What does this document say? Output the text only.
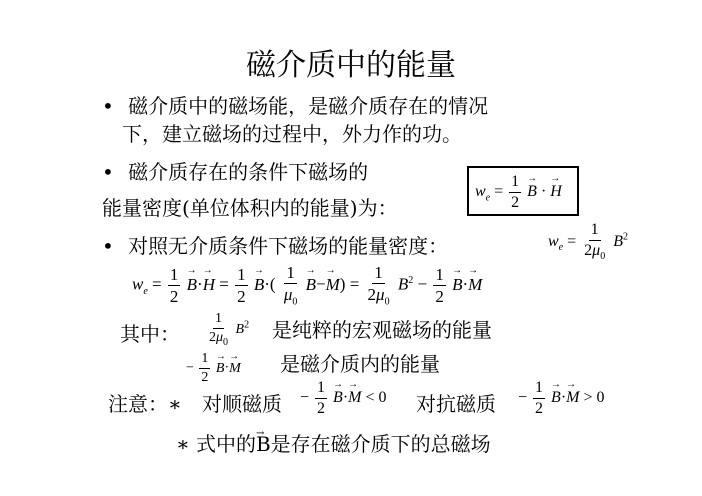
磁介质中的能量
• 磁介质中的磁场能，是磁介质存在的情况
下，建立磁场的过程中，外力作的功。
• 磁介质存在的条件下磁场的
能量密度(单位体积内的能量)为：
$w_e = \frac{1}{2}$
→ B · → H
• 对照无介质条件下磁场的能量密度：	$w_e = \frac{1}{2\mu_0} B^2$
$w_e = \frac{1}{2}$
→ $B\cdot\to H = \frac{1}{2}$
→ $B\cdot( \frac{1}{\mu_0}$
→ $B-\to M) = \frac{1}{2\mu_0} B^2 - \frac{1}{2}$
→ B·→ M
其中： $\frac{1}{2\mu_0} B^2$ 是纯粹的宏观磁场的能量
− $\frac{1}{2}$
→ B·→ M 是磁介质内的能量
注意：∗ 对顺磁质 − $\frac{1}{2}$
→ B·→ M < 0 对抗磁质 − $\frac{1}{2}$
→ B·→ M > 0
∗ 式中的→ B是存在磁介质下的总磁场
